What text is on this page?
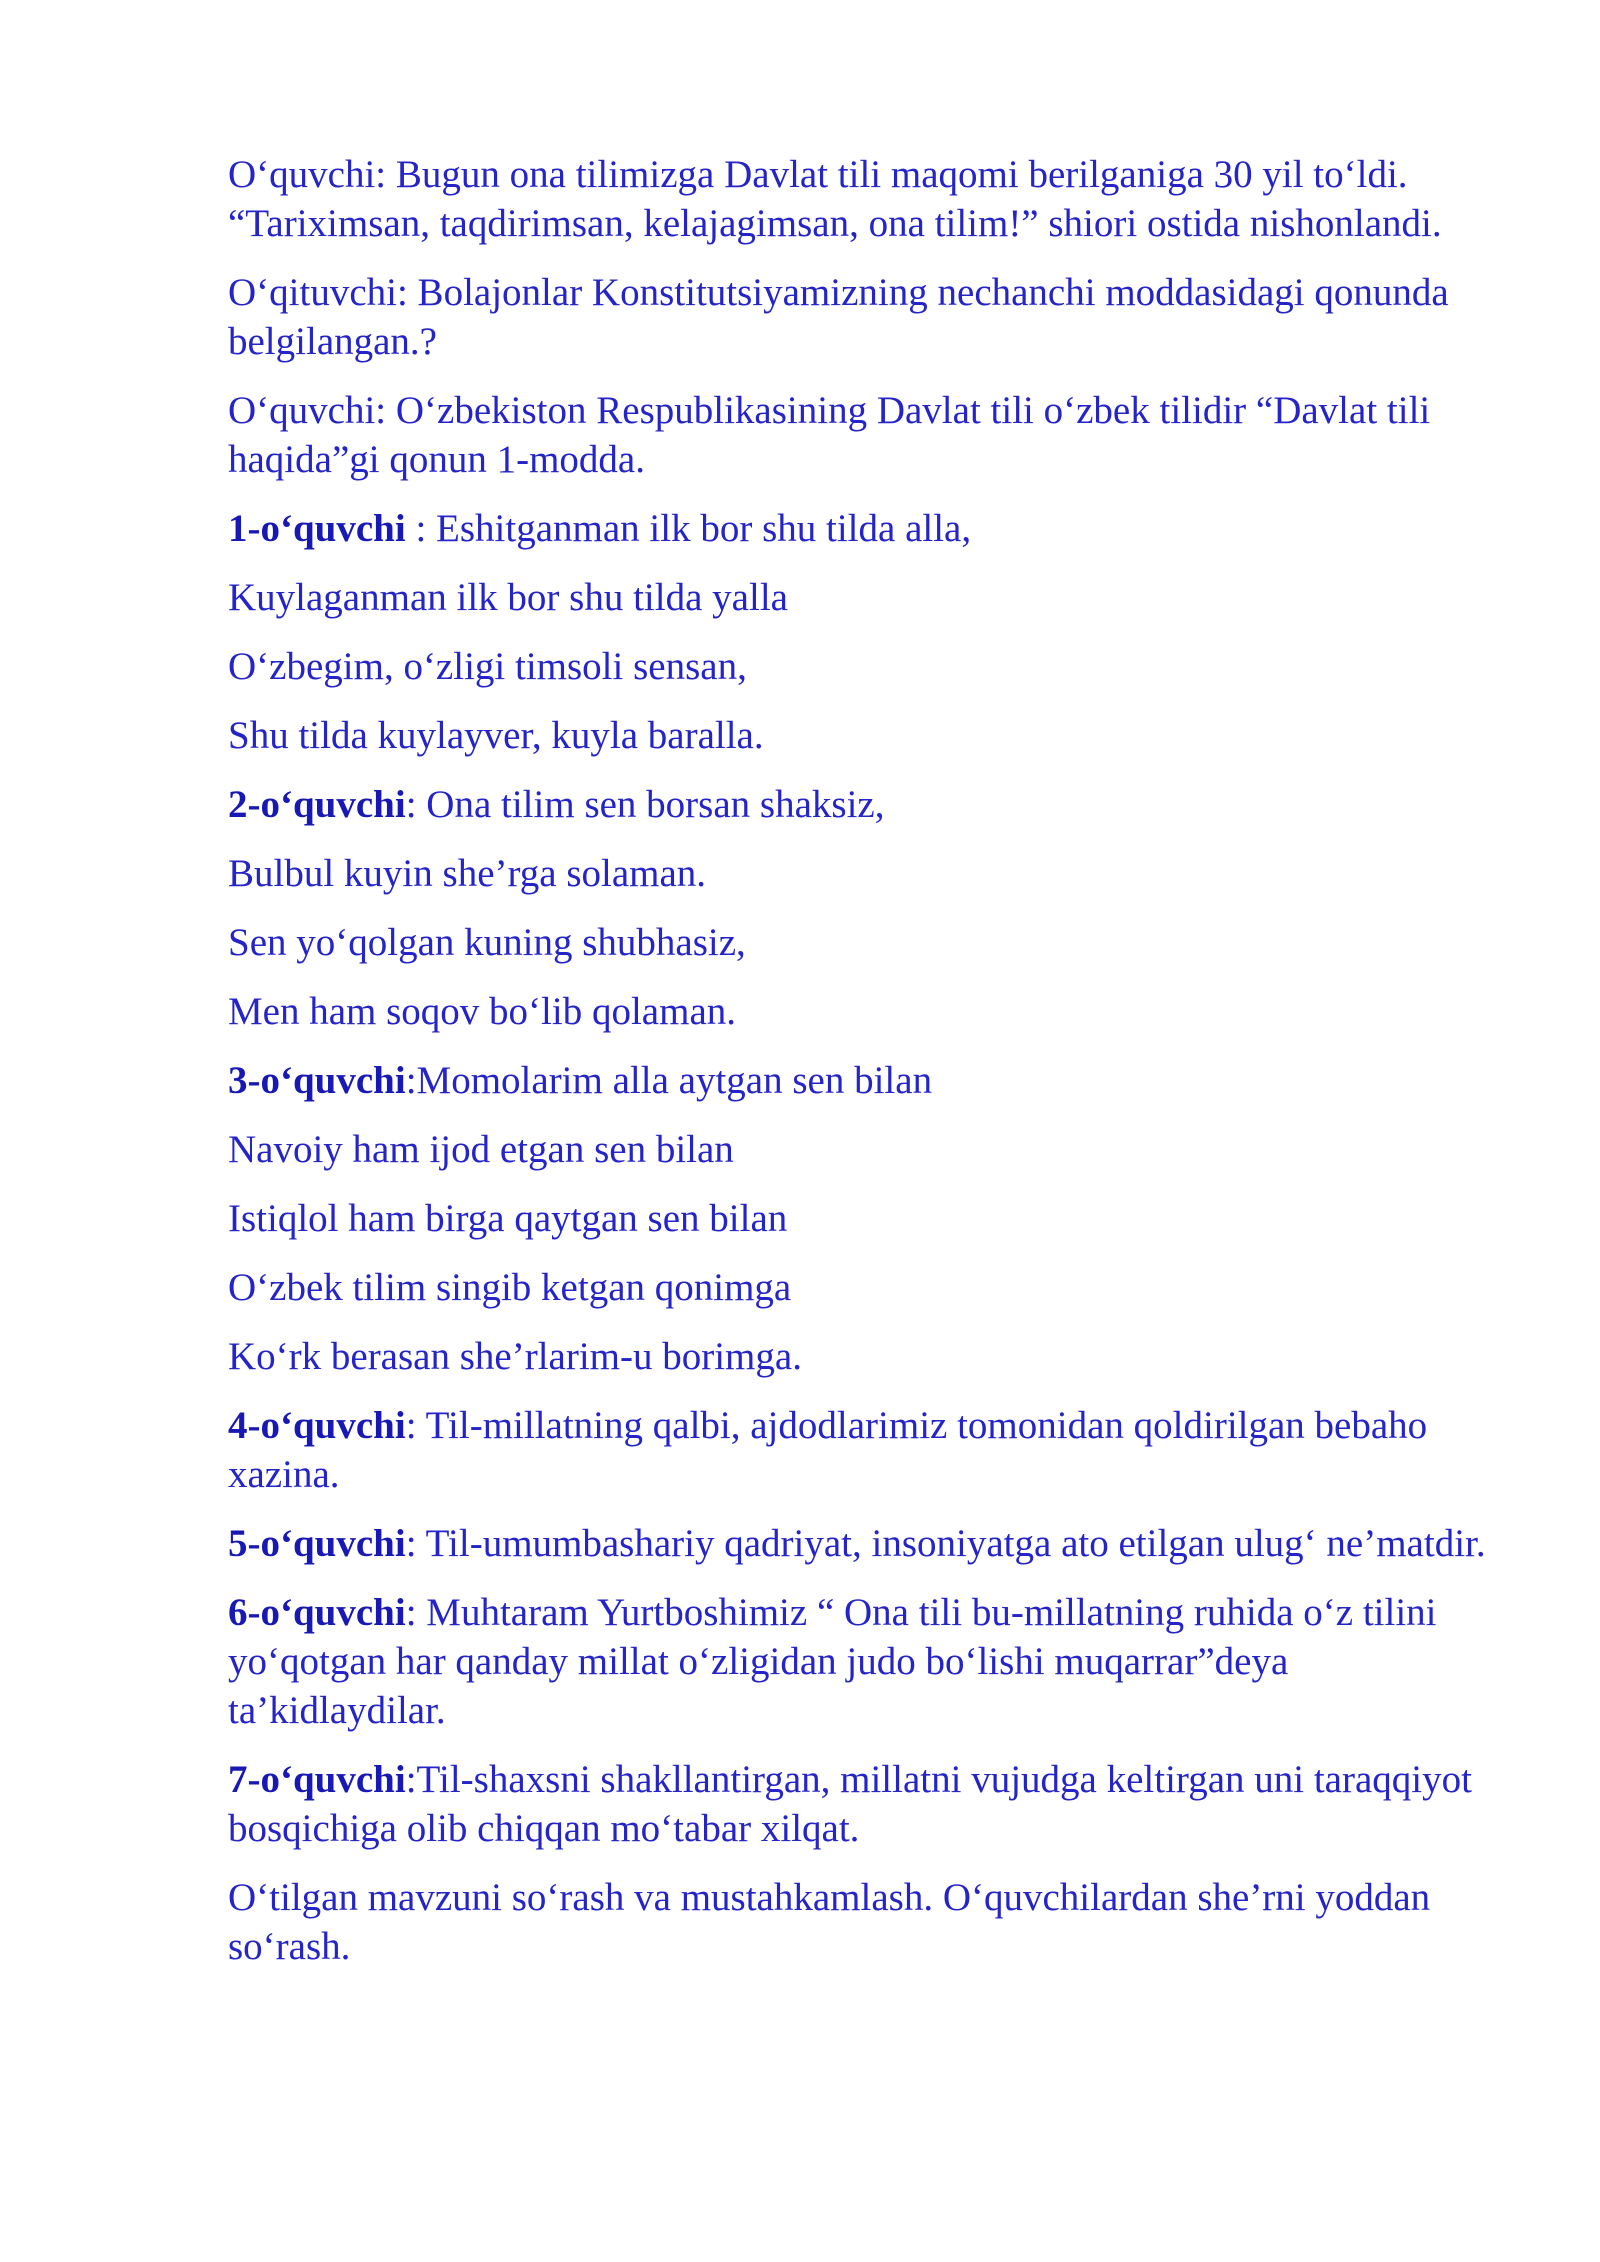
O‘quvchi: Bugun ona tilimizga Davlat tili maqomi berilganiga 30 yil to‘ldi. “Tariximsan, taqdirimsan, kelajagimsan, ona tilim!” shiori ostida nishonlandi.

O‘qituvchi: Bolajonlar Konstitutsiyamizning nechanchi moddasidagi qonunda belgilangan.?

O‘quvchi: O‘zbekiston Respublikasining Davlat tili o‘zbek tilidir “Davlat tili haqida”gi qonun 1-modda.

1-o‘quvchi : Eshitganman ilk bor shu tilda alla,

Kuylaganman ilk bor shu tilda yalla

O‘zbegim, o‘zligi timsoli sensan,

Shu tilda kuylayver, kuyla baralla.

2-o‘quvchi: Ona tilim sen borsan shaksiz,

Bulbul kuyin she’rga solaman.

Sen yo‘qolgan kuning shubhasiz,

Men ham soqov bo‘lib qolaman.

3-o‘quvchi:Momolarim alla aytgan sen bilan

Navoiy ham ijod etgan sen bilan

Istiqlol ham birga qaytgan sen bilan

O‘zbek tilim singib ketgan qonimga

Ko‘rk berasan she’rlarim-u borimga.

4-o‘quvchi: Til-millatning qalbi, ajdodlarimiz tomonidan qoldirilgan bebaho xazina.

5-o‘quvchi: Til-umumbashariy qadriyat, insoniyatga ato etilgan ulug‘ ne’matdir.

6-o‘quvchi: Muhtaram Yurtboshimiz “ Ona tili bu-millatning ruhida o‘z tilini yo‘qotgan har qanday millat o‘zligidan judo bo‘lishi muqarrar”deya ta’kidlaydilar.

7-o‘quvchi:Til-shaxsni shakllantirgan, millatni vujudga keltirgan uni taraqqiyot bosqichiga olib chiqqan mo‘tabar xilqat.

O‘tilgan mavzuni so‘rash va mustahkamlash. O‘quvchilardan she’rni yoddan so‘rash.
